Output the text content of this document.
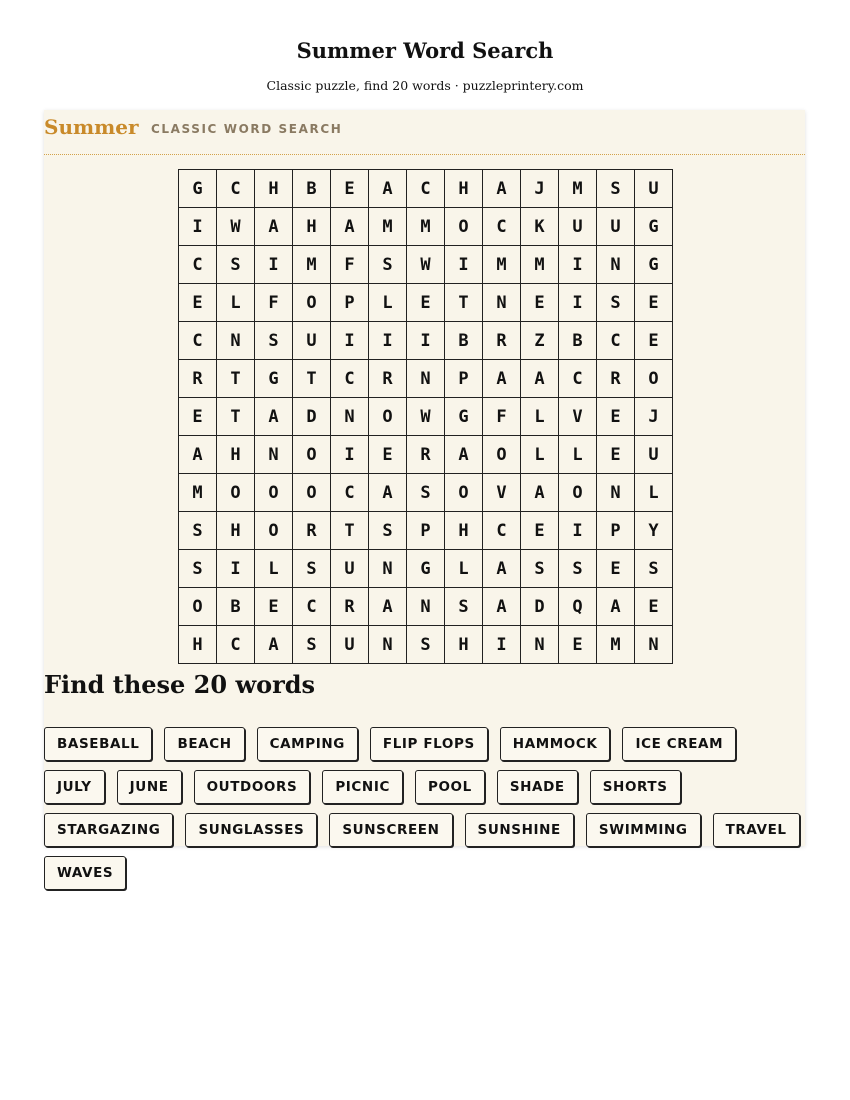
Summer Word Search
Classic puzzle, find 20 words · puzzleprintery.com
Summer CLASSIC WORD SEARCH
G	C	H	B	E	A	C	H	A	J	M	S	U
I	W	A	H	A	M	M	O	C	K	U	U	G
C	S	I	M	F	S	W	I	M	M	I	N	G
E	L	F	O	P	L	E	T	N	E	I	S	E
C	N	S	U	I	I	I	B	R	Z	B	C	E
R	T	G	T	C	R	N	P	A	A	C	R	O
E	T	A	D	N	O	W	G	F	L	V	E	J
A	H	N	O	I	E	R	A	O	L	L	E	U
M	O	O	O	C	A	S	O	V	A	O	N	L
S	H	O	R	T	S	P	H	C	E	I	P	Y
S	I	L	S	U	N	G	L	A	S	S	E	S
O	B	E	C	R	A	N	S	A	D	Q	A	E
H	C	A	S	U	N	S	H	I	N	E	M	N
Find these 20 words
BASEBALL	BEACH	CAMPING	FLIP FLOPS	HAMMOCK	ICE CREAM
JULY	JUNE	OUTDOORS	PICNIC	POOL	SHADE	SHORTS
STARGAZING	SUNGLASSES	SUNSCREEN	SUNSHINE	SWIMMING	TRAVEL
WAVES
